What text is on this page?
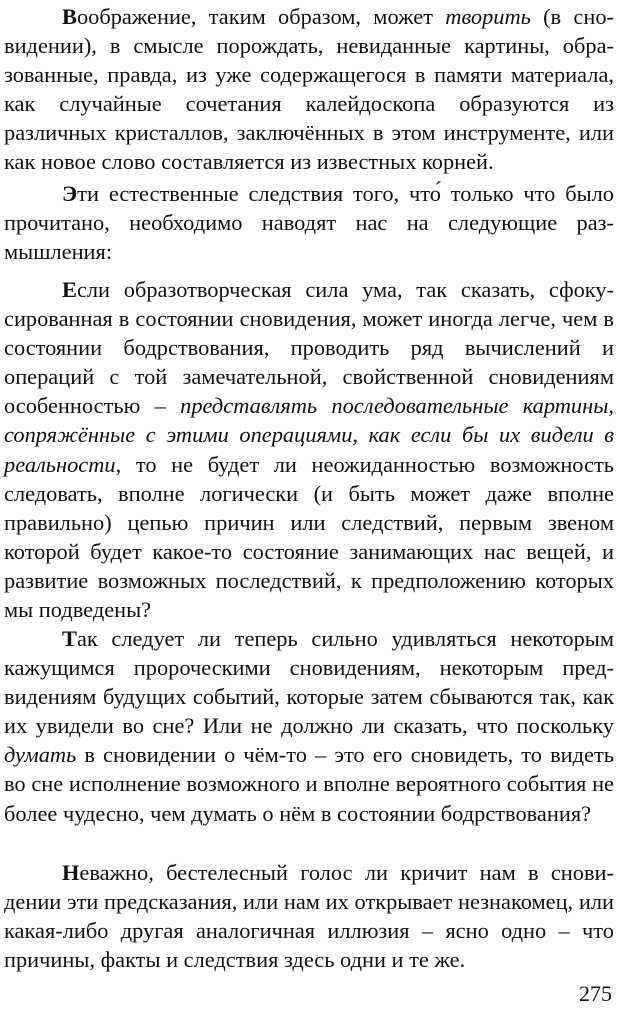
Воображение, таким образом, может творить (в сновидении), в смысле порождать, невиданные картины, образованные, правда, из уже содержащегося в памяти материала, как случайные сочетания калейдоскопа образуются из различных кристаллов, заключённых в этом инструменте, или как новое слово составляется из известных корней.

Эти естественные следствия того, что́ только что было прочитано, необходимо наводят нас на следующие размышления:

Если образотворческая сила ума, так сказать, сфокусированная в состоянии сновидения, может иногда легче, чем в состоянии бодрствования, проводить ряд вычислений и операций с той замечательной, свойственной сновидениям особенностью – представлять последовательные картины, сопряжённые с этими операциями, как если бы их видели в реальности, то не будет ли неожиданностью возможность следовать, вполне логически (и быть может даже вполне правильно) цепью причин или следствий, первым звеном которой будет какое-то состояние занимающих нас вещей, и развитие возможных последствий, к предположению которых мы подведены?

Так следует ли теперь сильно удивляться некоторым кажущимся пророческими сновидениям, некоторым предвидениям будущих событий, которые затем сбываются так, как их увидели во сне? Или не должно ли сказать, что поскольку думать в сновидении о чём-то – это его сновидеть, то видеть во сне исполнение возможного и вполне вероятного события не более чудесно, чем думать о нём в состоянии бодрствования?

Неважно, бестелесный голос ли кричит нам в сновидении эти предсказания, или нам их открывает незнакомец, или какая-либо другая аналогичная иллюзия – ясно одно – что причины, факты и следствия здесь одни и те же.

275
